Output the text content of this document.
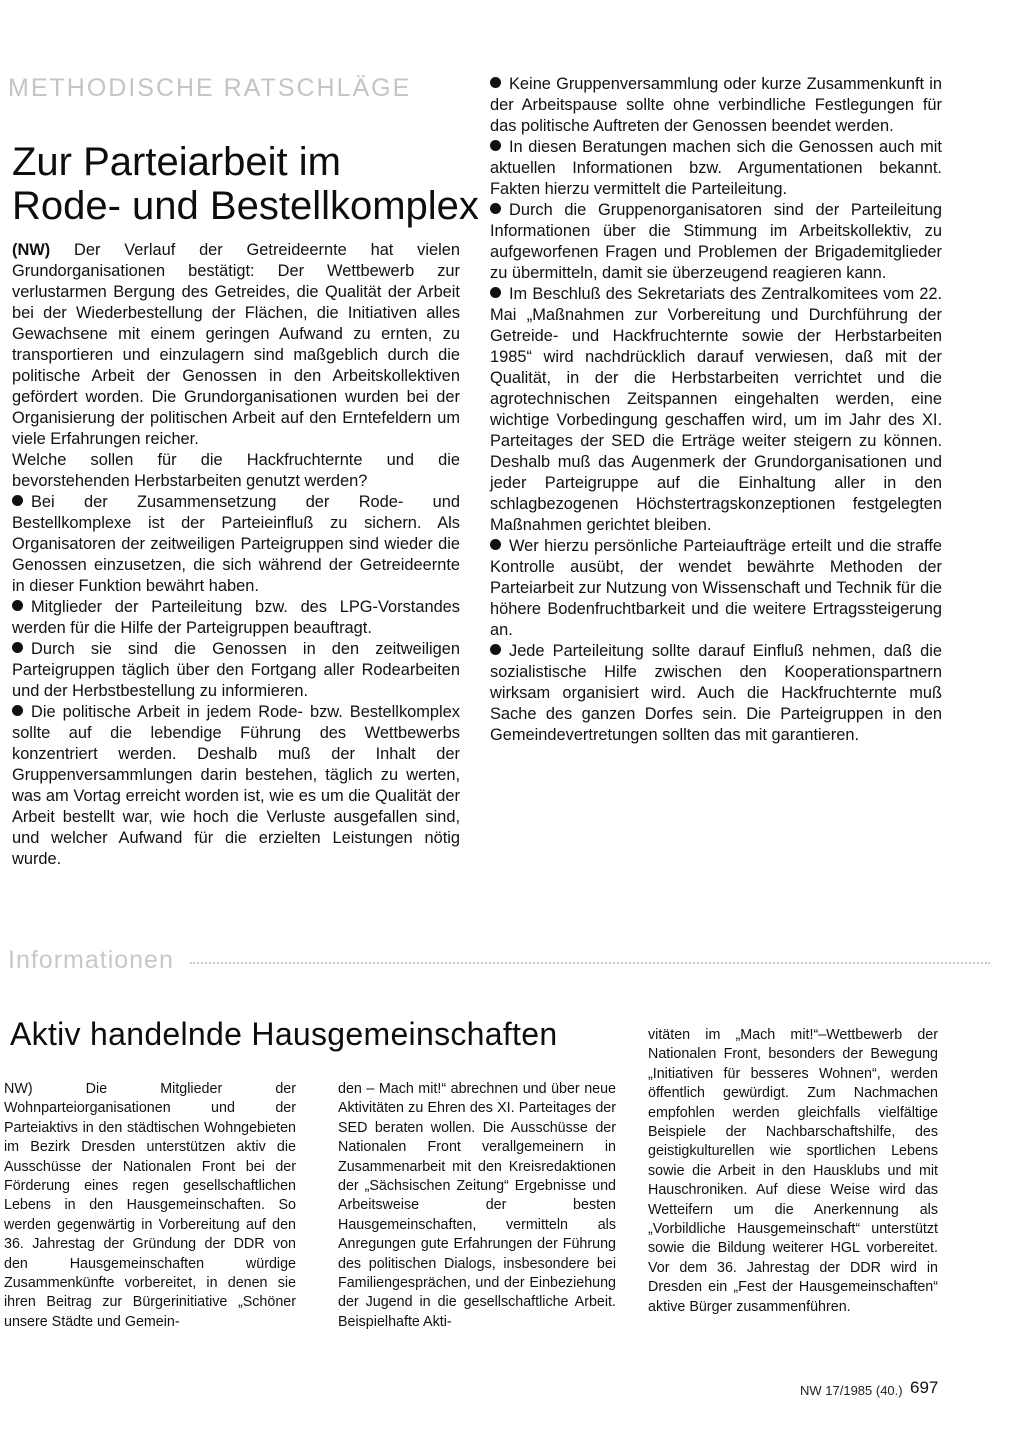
METHODISCHE RATSCHLÄGE
Zur Parteiarbeit im
Rode- und Bestellkomplex

(NW) Der Verlauf der Getreideernte hat vielen Grundorganisationen bestätigt: Der Wettbewerb zur verlustarmen Bergung des Getreides, die Qualität der Arbeit bei der Wiederbestellung der Flächen, die Initiativen alles Gewachsene mit einem geringen Aufwand zu ernten, zu transportieren und einzulagern sind maßgeblich durch die politische Arbeit der Genossen in den Arbeitskollektiven gefördert worden. Die Grundorganisationen wurden bei der Organisierung der politischen Arbeit auf den Erntefeldern um viele Erfahrungen reicher.

Welche sollen für die Hackfruchternte und die bevorstehenden Herbstarbeiten genutzt werden?

Bei der Zusammensetzung der Rode- und Bestellkomplexe ist der Parteieinfluß zu sichern. Als Organisatoren der zeitweiligen Parteigruppen sind wieder die Genossen einzusetzen, die sich während der Getreideernte in dieser Funktion bewährt haben.

Mitglieder der Parteileitung bzw. des LPG-Vorstandes werden für die Hilfe der Parteigruppen beauftragt.

Durch sie sind die Genossen in den zeitweiligen Parteigruppen täglich über den Fortgang aller Rodearbeiten und der Herbstbestellung zu informieren.

Die politische Arbeit in jedem Rode- bzw. Bestellkomplex sollte auf die lebendige Führung des Wettbewerbs konzentriert werden. Deshalb muß der Inhalt der Gruppenversammlungen darin bestehen, täglich zu werten, was am Vortag erreicht worden ist, wie es um die Qualität der Arbeit bestellt war, wie hoch die Verluste ausgefallen sind, und welcher Aufwand für die erzielten Leistungen nötig wurde.

Keine Gruppenversammlung oder kurze Zusammenkunft in der Arbeitspause sollte ohne verbindliche Festlegungen für das politische Auftreten der Genossen beendet werden.

In diesen Beratungen machen sich die Genossen auch mit aktuellen Informationen bzw. Argumentationen bekannt. Fakten hierzu vermittelt die Parteileitung.

Durch die Gruppenorganisatoren sind der Parteileitung Informationen über die Stimmung im Arbeitskollektiv, zu aufgeworfenen Fragen und Problemen der Brigademitglieder zu übermitteln, damit sie überzeugend reagieren kann.

Im Beschluß des Sekretariats des Zentralkomitees vom 22. Mai „Maßnahmen zur Vorbereitung und Durchführung der Getreide- und Hackfruchternte sowie der Herbstarbeiten 1985“ wird nachdrücklich darauf verwiesen, daß mit der Qualität, in der die Herbstarbeiten verrichtet und die agrotechnischen Zeitspannen eingehalten werden, eine wichtige Vorbedingung geschaffen wird, um im Jahr des XI. Parteitages der SED die Erträge weiter steigern zu können. Deshalb muß das Augenmerk der Grundorganisationen und jeder Parteigruppe auf die Einhaltung aller in den schlagbezogenen Höchstertragskonzeptionen festgelegten Maßnahmen gerichtet bleiben.

Wer hierzu persönliche Parteiaufträge erteilt und die straffe Kontrolle ausübt, der wendet bewährte Methoden der Parteiarbeit zur Nutzung von Wissenschaft und Technik für die höhere Bodenfruchtbarkeit und die weitere Ertragssteigerung an.

Jede Parteileitung sollte darauf Einfluß nehmen, daß die sozialistische Hilfe zwischen den Kooperationspartnern wirksam organisiert wird. Auch die Hackfruchternte muß Sache des ganzen Dorfes sein. Die Parteigruppen in den Gemeindevertretungen sollten das mit garantieren.

Informationen
Aktiv handelnde Hausgemeinschaften

NW) Die Mitglieder der Wohnparteiorganisationen und der Parteiaktivs in den städtischen Wohngebieten im Bezirk Dresden unterstützen aktiv die Ausschüsse der Nationalen Front bei der Förderung eines regen gesellschaftlichen Lebens in den Hausgemeinschaften. So werden gegenwärtig in Vorbereitung auf den 36. Jahrestag der Gründung der DDR von den Hausgemeinschaften würdige Zusammenkünfte vorbereitet, in denen sie ihren Beitrag zur Bürgerinitiative „Schöner unsere Städte und Gemein-

den – Mach mit!“ abrechnen und über neue Aktivitäten zu Ehren des XI. Parteitages der SED beraten wollen. Die Ausschüsse der Nationalen Front verallgemeinern in Zusammenarbeit mit den Kreisredaktionen der „Sächsischen Zeitung“ Ergebnisse und Arbeitsweise der besten Hausgemeinschaften, vermitteln als Anregungen gute Erfahrungen der Führung des politischen Dialogs, insbesondere bei Familiengesprächen, und der Einbeziehung der Jugend in die gesellschaftliche Arbeit. Beispielhafte Akti-

vitäten im „Mach mit!“–Wettbewerb der Nationalen Front, besonders der Bewegung „Initiativen für besseres Wohnen“, werden öffentlich gewürdigt. Zum Nachmachen empfohlen werden gleichfalls vielfältige Beispiele der Nachbarschaftshilfe, des geistigkulturellen wie sportlichen Lebens sowie die Arbeit in den Hausklubs und mit Hauschroniken. Auf diese Weise wird das Wetteifern um die Anerkennung als „Vorbildliche Hausgemeinschaft“ unterstützt sowie die Bildung weiterer HGL vorbereitet. Vor dem 36. Jahrestag der DDR wird in Dresden ein „Fest der Hausgemeinschaften“ aktive Bürger zusammenführen.

NW 17/1985 (40.) 697
